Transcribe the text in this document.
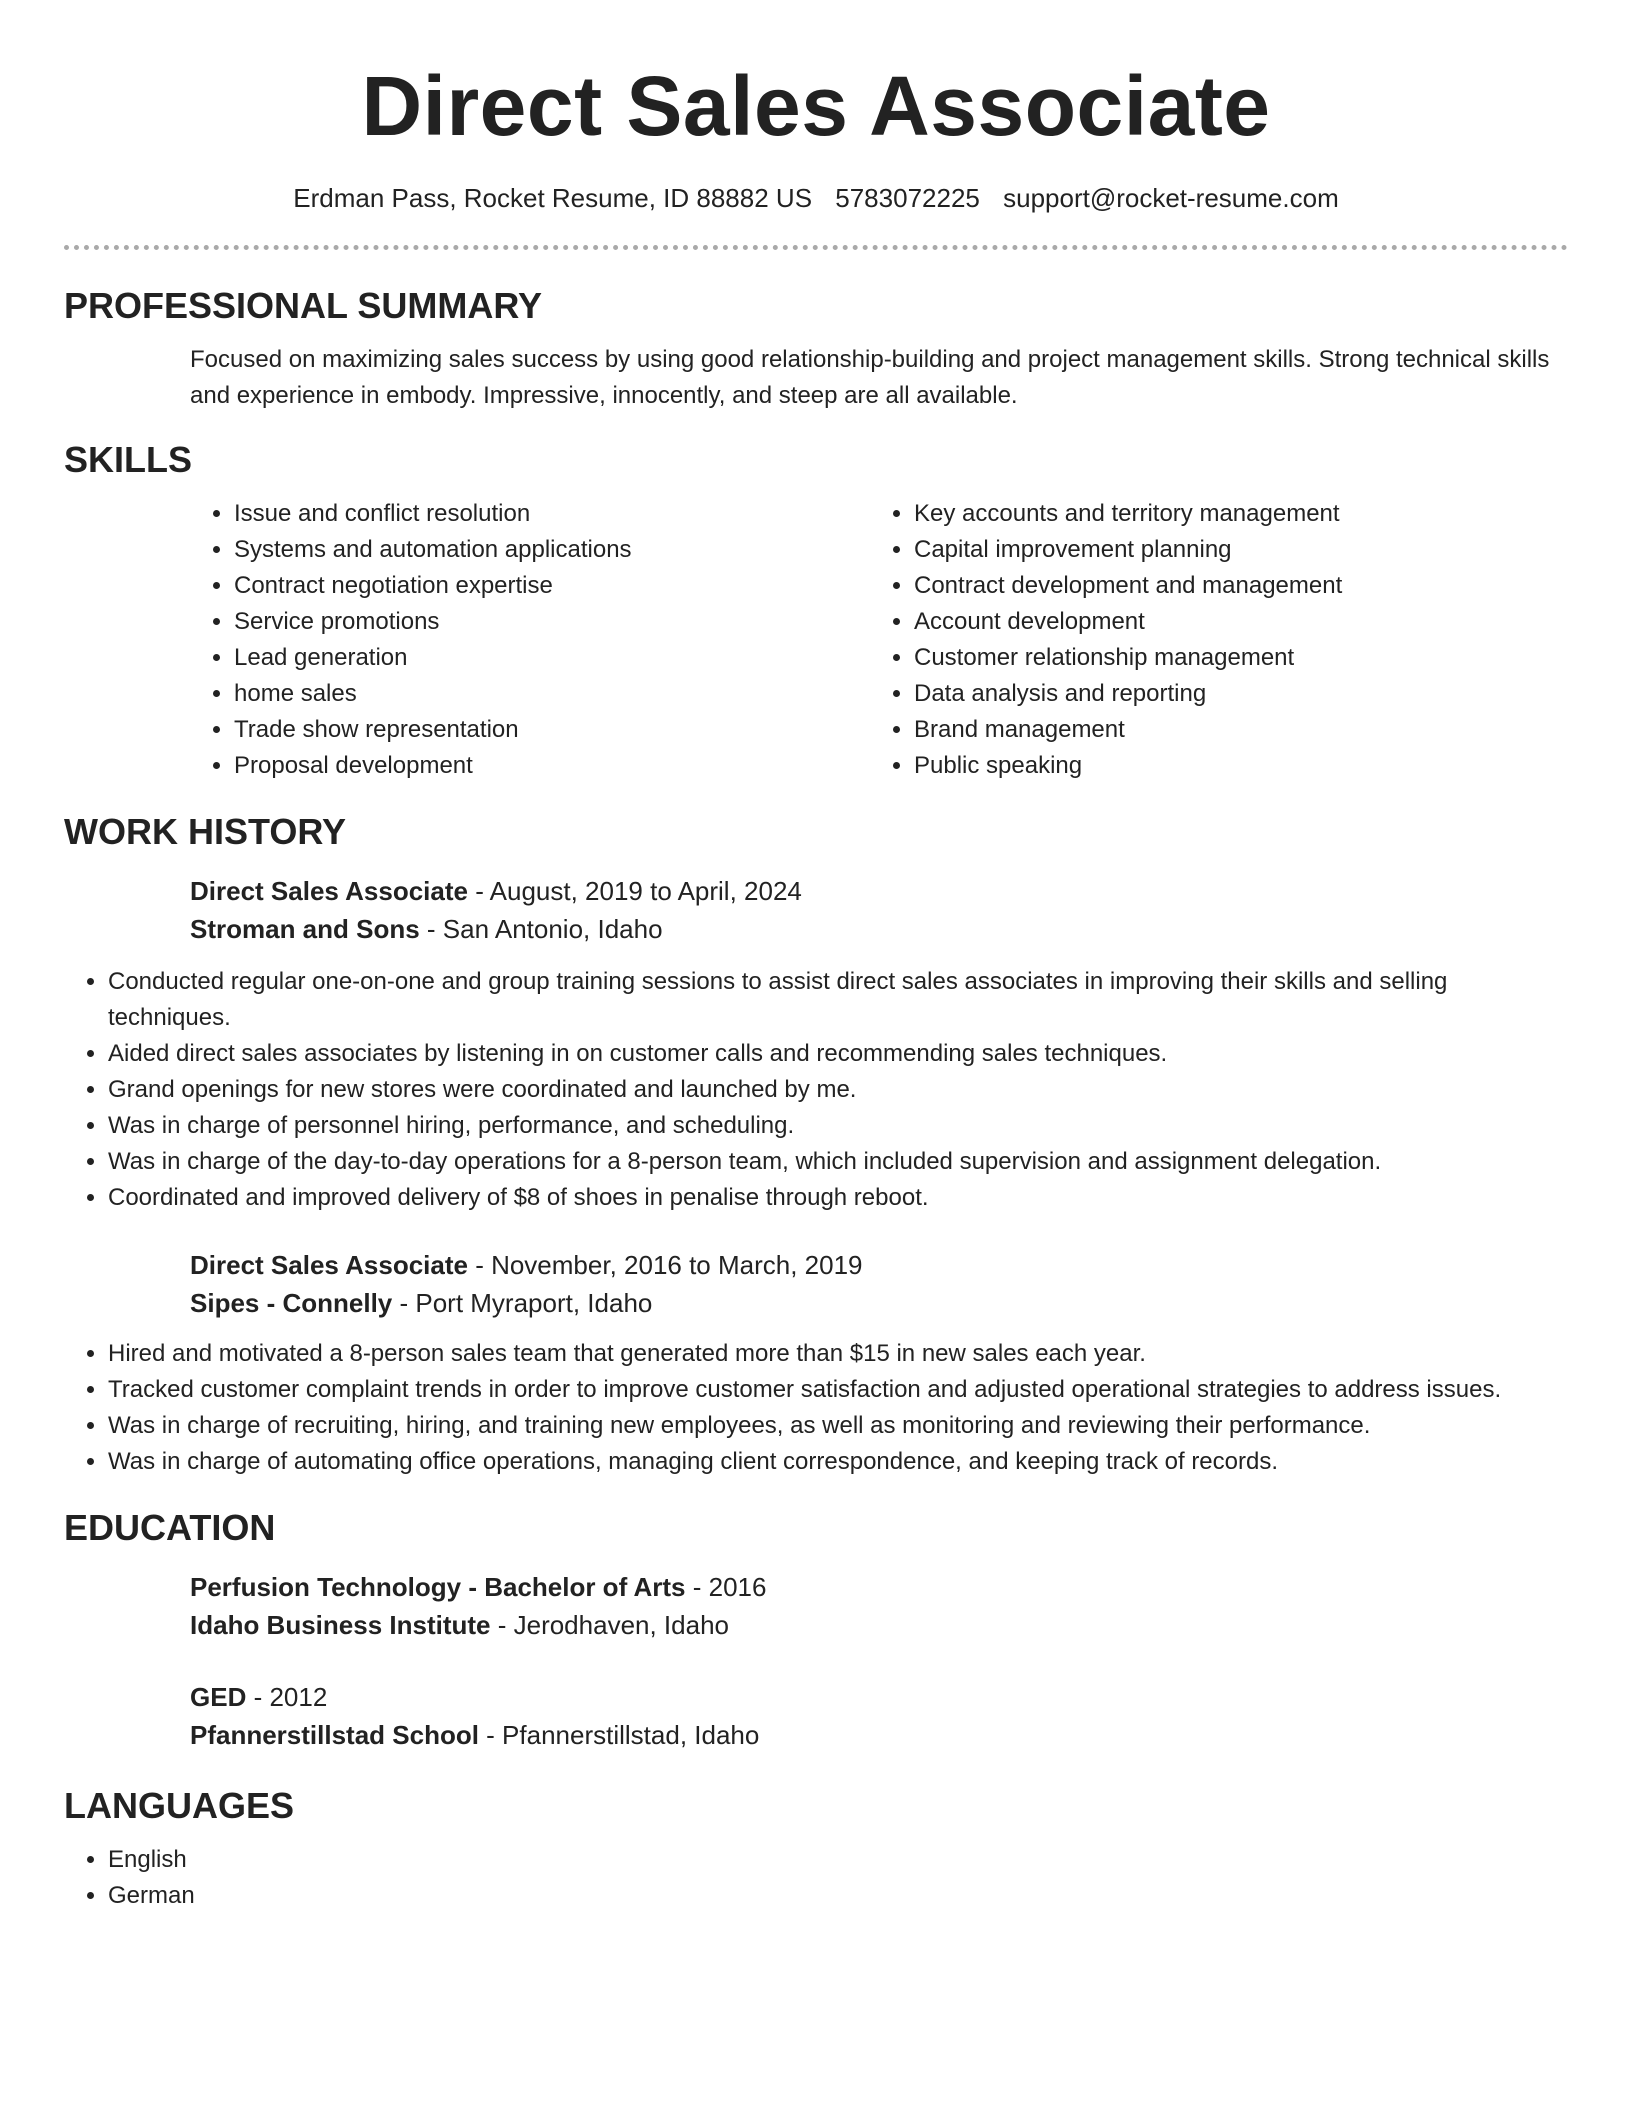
Direct Sales Associate
Erdman Pass, Rocket Resume, ID 88882 US 5783072225 support@rocket-resume.com
PROFESSIONAL SUMMARY
Focused on maximizing sales success by using good relationship-building and project management skills. Strong technical skills and experience in embody. Impressive, innocently, and steep are all available.
SKILLS
• Issue and conflict resolution
• Systems and automation applications
• Contract negotiation expertise
• Service promotions
• Lead generation
• home sales
• Trade show representation
• Proposal development
• Key accounts and territory management
• Capital improvement planning
• Contract development and management
• Account development
• Customer relationship management
• Data analysis and reporting
• Brand management
• Public speaking
WORK HISTORY
Direct Sales Associate - August, 2019 to April, 2024
Stroman and Sons - San Antonio, Idaho
• Conducted regular one-on-one and group training sessions to assist direct sales associates in improving their skills and selling techniques.
• Aided direct sales associates by listening in on customer calls and recommending sales techniques.
• Grand openings for new stores were coordinated and launched by me.
• Was in charge of personnel hiring, performance, and scheduling.
• Was in charge of the day-to-day operations for a 8-person team, which included supervision and assignment delegation.
• Coordinated and improved delivery of $8 of shoes in penalise through reboot.
Direct Sales Associate - November, 2016 to March, 2019
Sipes - Connelly - Port Myraport, Idaho
• Hired and motivated a 8-person sales team that generated more than $15 in new sales each year.
• Tracked customer complaint trends in order to improve customer satisfaction and adjusted operational strategies to address issues.
• Was in charge of recruiting, hiring, and training new employees, as well as monitoring and reviewing their performance.
• Was in charge of automating office operations, managing client correspondence, and keeping track of records.
EDUCATION
Perfusion Technology - Bachelor of Arts - 2016
Idaho Business Institute - Jerodhaven, Idaho
GED - 2012
Pfannerstillstad School - Pfannerstillstad, Idaho
LANGUAGES
• English
• German
